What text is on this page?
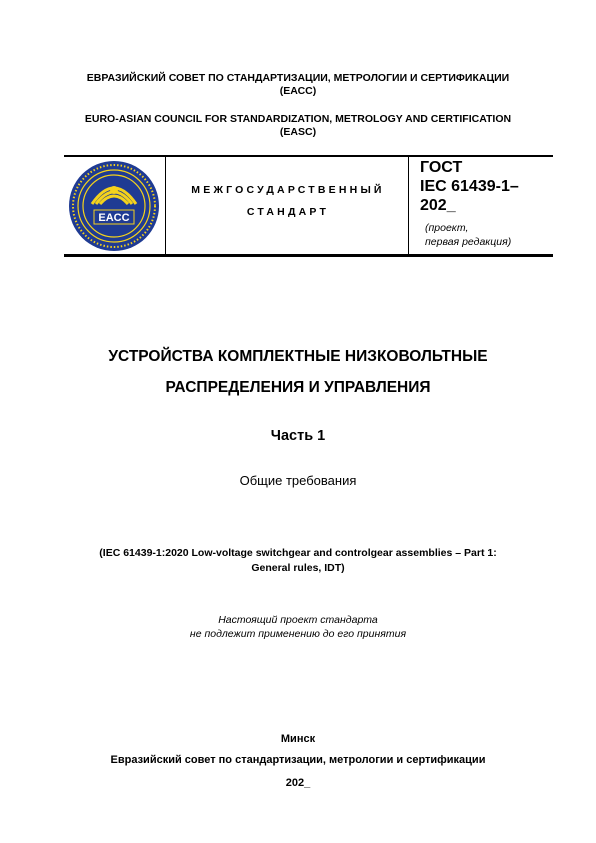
ЕВРАЗИЙСКИЙ СОВЕТ ПО СТАНДАРТИЗАЦИИ, МЕТРОЛОГИИ И СЕРТИФИКАЦИИ
(ЕАСС)
EURO-ASIAN COUNCIL FOR STANDARDIZATION, METROLOGY AND CERTIFICATION
(EASC)
EACC
МЕЖГОСУДАРСТВЕННЫЙ
СТАНДАРТ
ГОСТ
IEC 61439-1–
202_
(проект,
первая редакция)
УСТРОЙСТВА КОМПЛЕКТНЫЕ НИЗКОВОЛЬТНЫЕ
РАСПРЕДЕЛЕНИЯ И УПРАВЛЕНИЯ
Часть 1
Общие требования
(IEC 61439-1:2020 Low-voltage switchgear and controlgear assemblies – Part 1:
General rules, IDT)
Настоящий проект стандарта
не подлежит применению до его принятия
Минск
Евразийский совет по стандартизации, метрологии и сертификации
202_
